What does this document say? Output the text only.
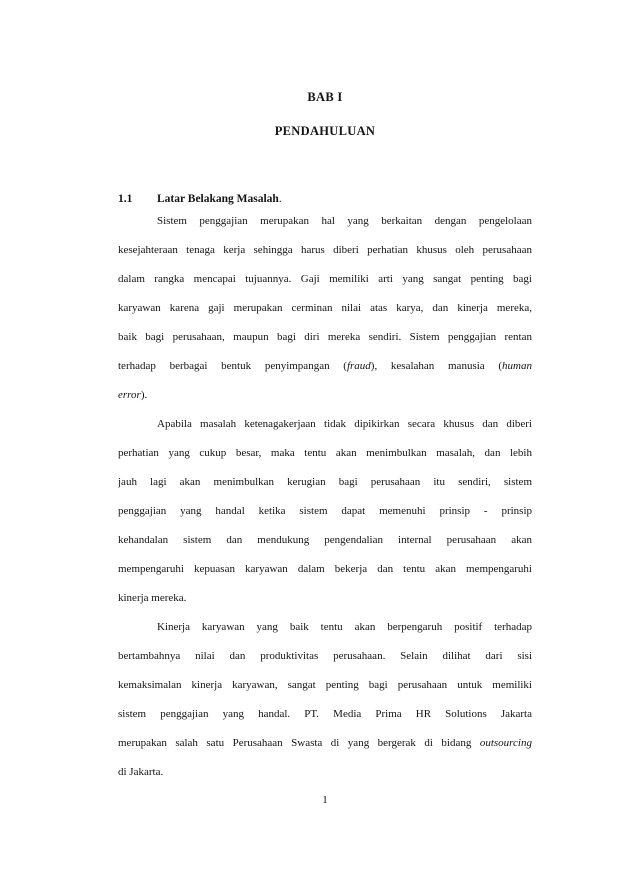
BAB I
PENDAHULUAN
1.1 Latar Belakang Masalah.
Sistem penggajian merupakan hal yang berkaitan dengan pengelolaan
kesejahteraan tenaga kerja sehingga harus diberi perhatian khusus oleh perusahaan
dalam rangka mencapai tujuannya. Gaji memiliki arti yang sangat penting bagi
karyawan karena gaji merupakan cerminan nilai atas karya, dan kinerja mereka,
baik bagi perusahaan, maupun bagi diri mereka sendiri. Sistem penggajian rentan
terhadap berbagai bentuk penyimpangan (fraud), kesalahan manusia (human
error).
Apabila masalah ketenagakerjaan tidak dipikirkan secara khusus dan diberi
perhatian yang cukup besar, maka tentu akan menimbulkan masalah, dan lebih
jauh lagi akan menimbulkan kerugian bagi perusahaan itu sendiri, sistem
penggajian yang handal ketika sistem dapat memenuhi prinsip - prinsip
kehandalan sistem dan mendukung pengendalian internal perusahaan akan
mempengaruhi kepuasan karyawan dalam bekerja dan tentu akan mempengaruhi
kinerja mereka.
Kinerja karyawan yang baik tentu akan berpengaruh positif terhadap
bertambahnya nilai dan produktivitas perusahaan. Selain dilihat dari sisi
kemaksimalan kinerja karyawan, sangat penting bagi perusahaan untuk memiliki
sistem penggajian yang handal. PT. Media Prima HR Solutions Jakarta
merupakan salah satu Perusahaan Swasta di yang bergerak di bidang outsourcing
di Jakarta.
1
